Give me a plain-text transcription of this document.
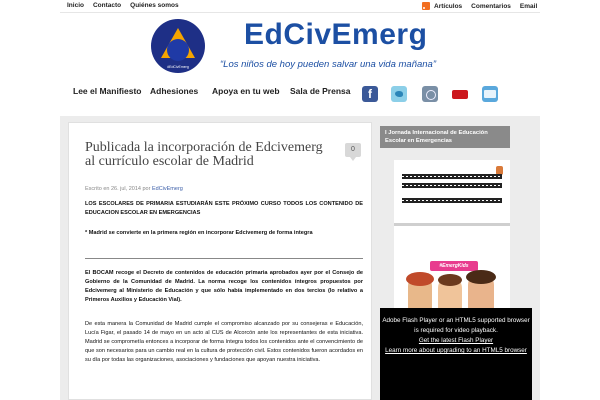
Inicio Contacto Quiénes somos	Artículos Comentarios Email
#EdCivEmerg
EdCivEmerg
“Los niños de hoy pueden salvar una vida mañana”
Lee el Manifiesto Adhesiones Apoya en tu web Sala de Prensa	f
Publicada la incorporación de Edcivemerg al currículo escolar de Madrid
0
Escrito en 26. jul, 2014 por EdCivEmerg
LOS ESCOLARES DE PRIMARIA ESTUDIARÁN ESTE PRÓXIMO CURSO TODOS LOS CONTENIDO DE EDUCACION ESCOLAR EN EMERGENCIAS
* Madrid se convierte en la primera región en incorporar Edcivemerg de forma integra
El BOCAM recoge el Decreto de contenidos de educación primaria aprobados ayer por el Consejo de Gobierno de la Comunidad de Madrid. La norma recoge los contenidos íntegros propuestos por Edcivemerg al Ministerio de Educación y que sólo había implementado en dos tercios (lo relativo a Primeros Auxilios y Educación Vial).
De esta manera la Comunidad de Madrid cumple el compromiso alcanzado por su consejeras e Educación, Lucía Figar, el pasado 14 de mayo en un acto al CUS de Alcorcón ante los representantes de esta iniciativa. Madrid se comprometía entonces a incorporar de forma íntegra todos los contenidos ante el convencimiento de que son necesarios para un cambio real en la cultura de protección civil. Estos contenidos fueron acordados en su día por todas las organizaciones, asociaciones y fundaciones que apoyan nuestra iniciativa.
I Jornada Internacional de Educación Escolar en Emergencias
#EmergKids
Adobe Flash Player or an HTML5 supported browser is required for video playback.
Get the latest Flash Player
Learn more about upgrading to an HTML5 browser
